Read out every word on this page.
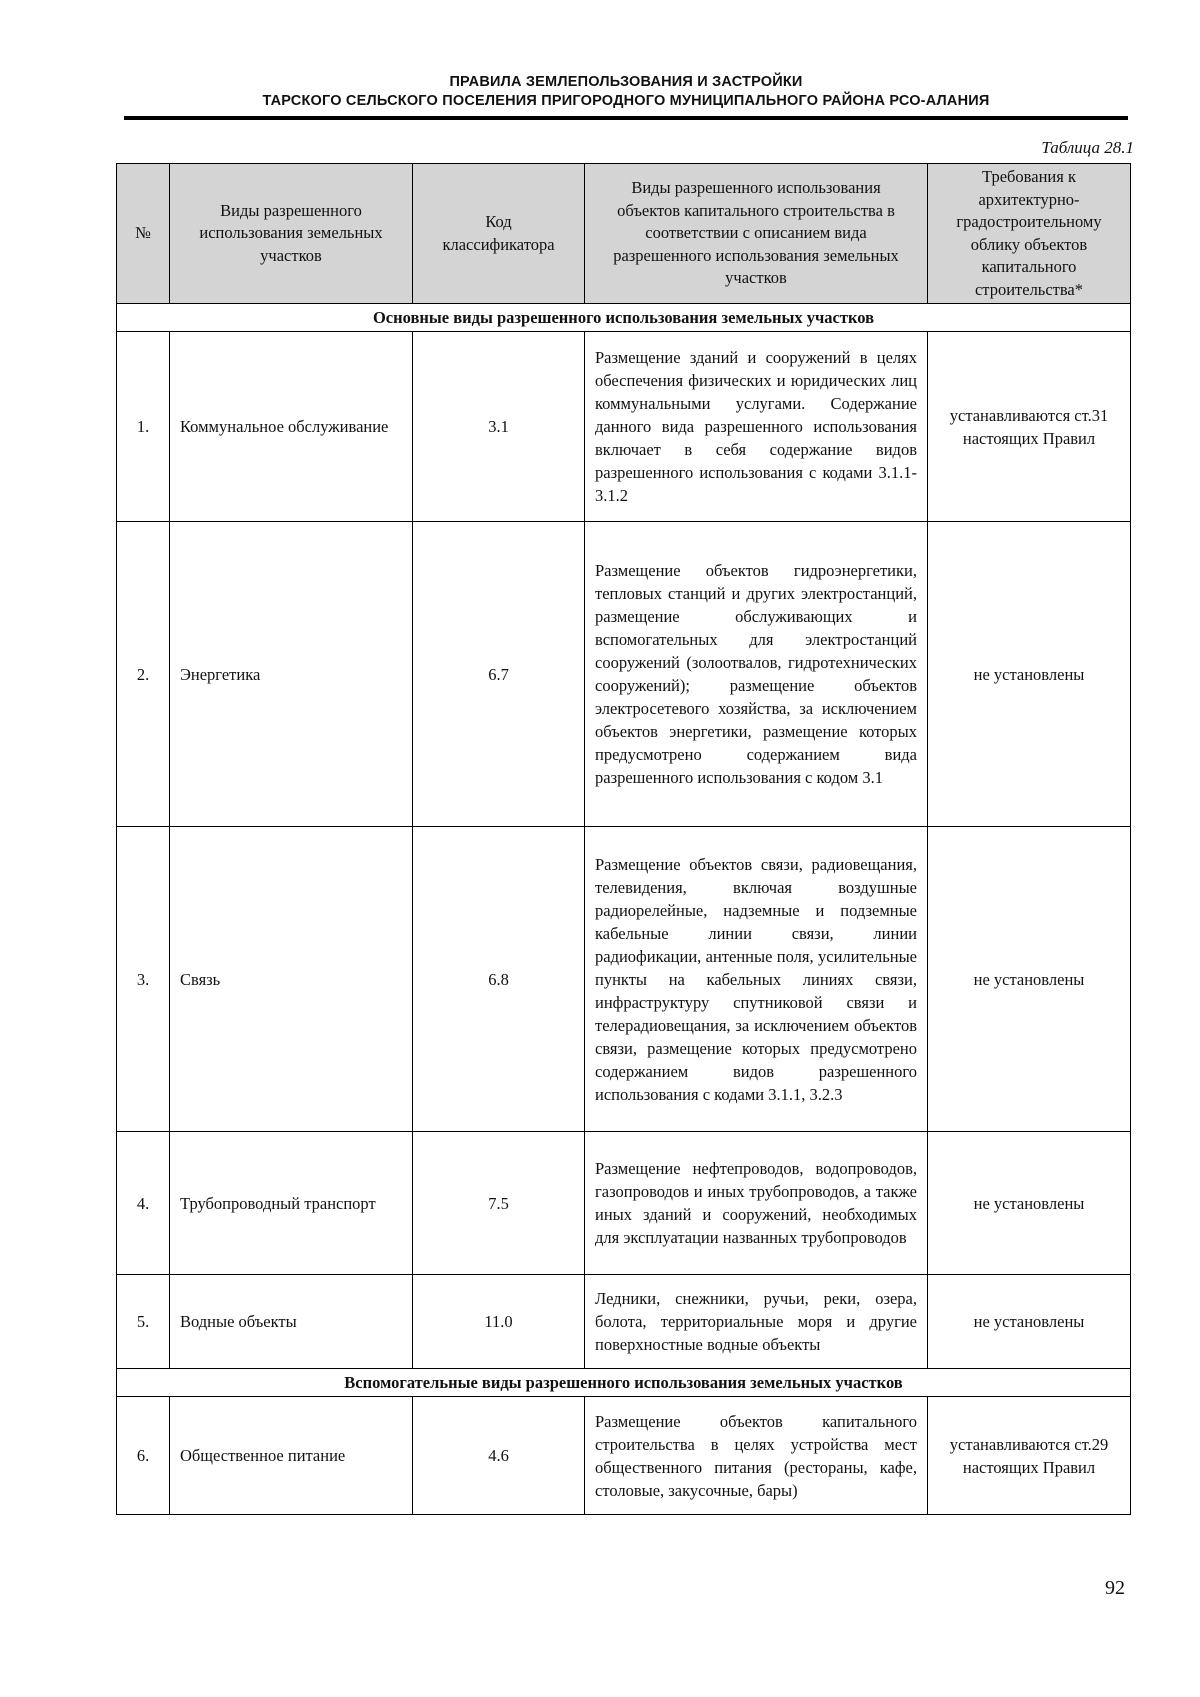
ПРАВИЛА ЗЕМЛЕПОЛЬЗОВАНИЯ И ЗАСТРОЙКИ
ТАРСКОГО СЕЛЬСКОГО ПОСЕЛЕНИЯ ПРИГОРОДНОГО МУНИЦИПАЛЬНОГО РАЙОНА РСО-АЛАНИЯ
Таблица 28.1
№	Виды разрешенного использования земельных участков	Код классификатора	Виды разрешенного использования объектов капитального строительства в соответствии с описанием вида разрешенного использования земельных участков	Требования к архитектурно-градостроительному облику объектов капитального строительства*
Основные виды разрешенного использования земельных участков				
1.	Коммунальное обслуживание	3.1	Размещение зданий и сооружений в целях обеспечения физических и юридических лиц коммунальными услугами. Содержание данного вида разрешенного использования включает в себя содержание видов разрешенного использования с кодами 3.1.1-3.1.2	устанавливаются ст.31 настоящих Правил
2.	Энергетика	6.7	Размещение объектов гидроэнергетики, тепловых станций и других электростанций, размещение обслуживающих и вспомогательных для электростанций сооружений (золоотвалов, гидротехнических сооружений); размещение объектов электросетевого хозяйства, за исключением объектов энергетики, размещение которых предусмотрено содержанием вида разрешенного использования с кодом 3.1	не установлены
3.	Связь	6.8	Размещение объектов связи, радиовещания, телевидения, включая воздушные радиорелейные, надземные и подземные кабельные линии связи, линии радиофикации, антенные поля, усилительные пункты на кабельных линиях связи, инфраструктуру спутниковой связи и телерадиовещания, за исключением объектов связи, размещение которых предусмотрено содержанием видов разрешенного использования с кодами 3.1.1, 3.2.3	не установлены
4.	Трубопроводный транспорт	7.5	Размещение нефтепроводов, водопроводов, газопроводов и иных трубопроводов, а также иных зданий и сооружений, необходимых для эксплуатации названных трубопроводов	не установлены
5.	Водные объекты	11.0	Ледники, снежники, ручьи, реки, озера, болота, территориальные моря и другие поверхностные водные объекты	не установлены
Вспомогательные виды разрешенного использования земельных участков				
6.	Общественное питание	4.6	Размещение объектов капитального строительства в целях устройства мест общественного питания (рестораны, кафе, столовые, закусочные, бары)	устанавливаются ст.29 настоящих Правил
92
